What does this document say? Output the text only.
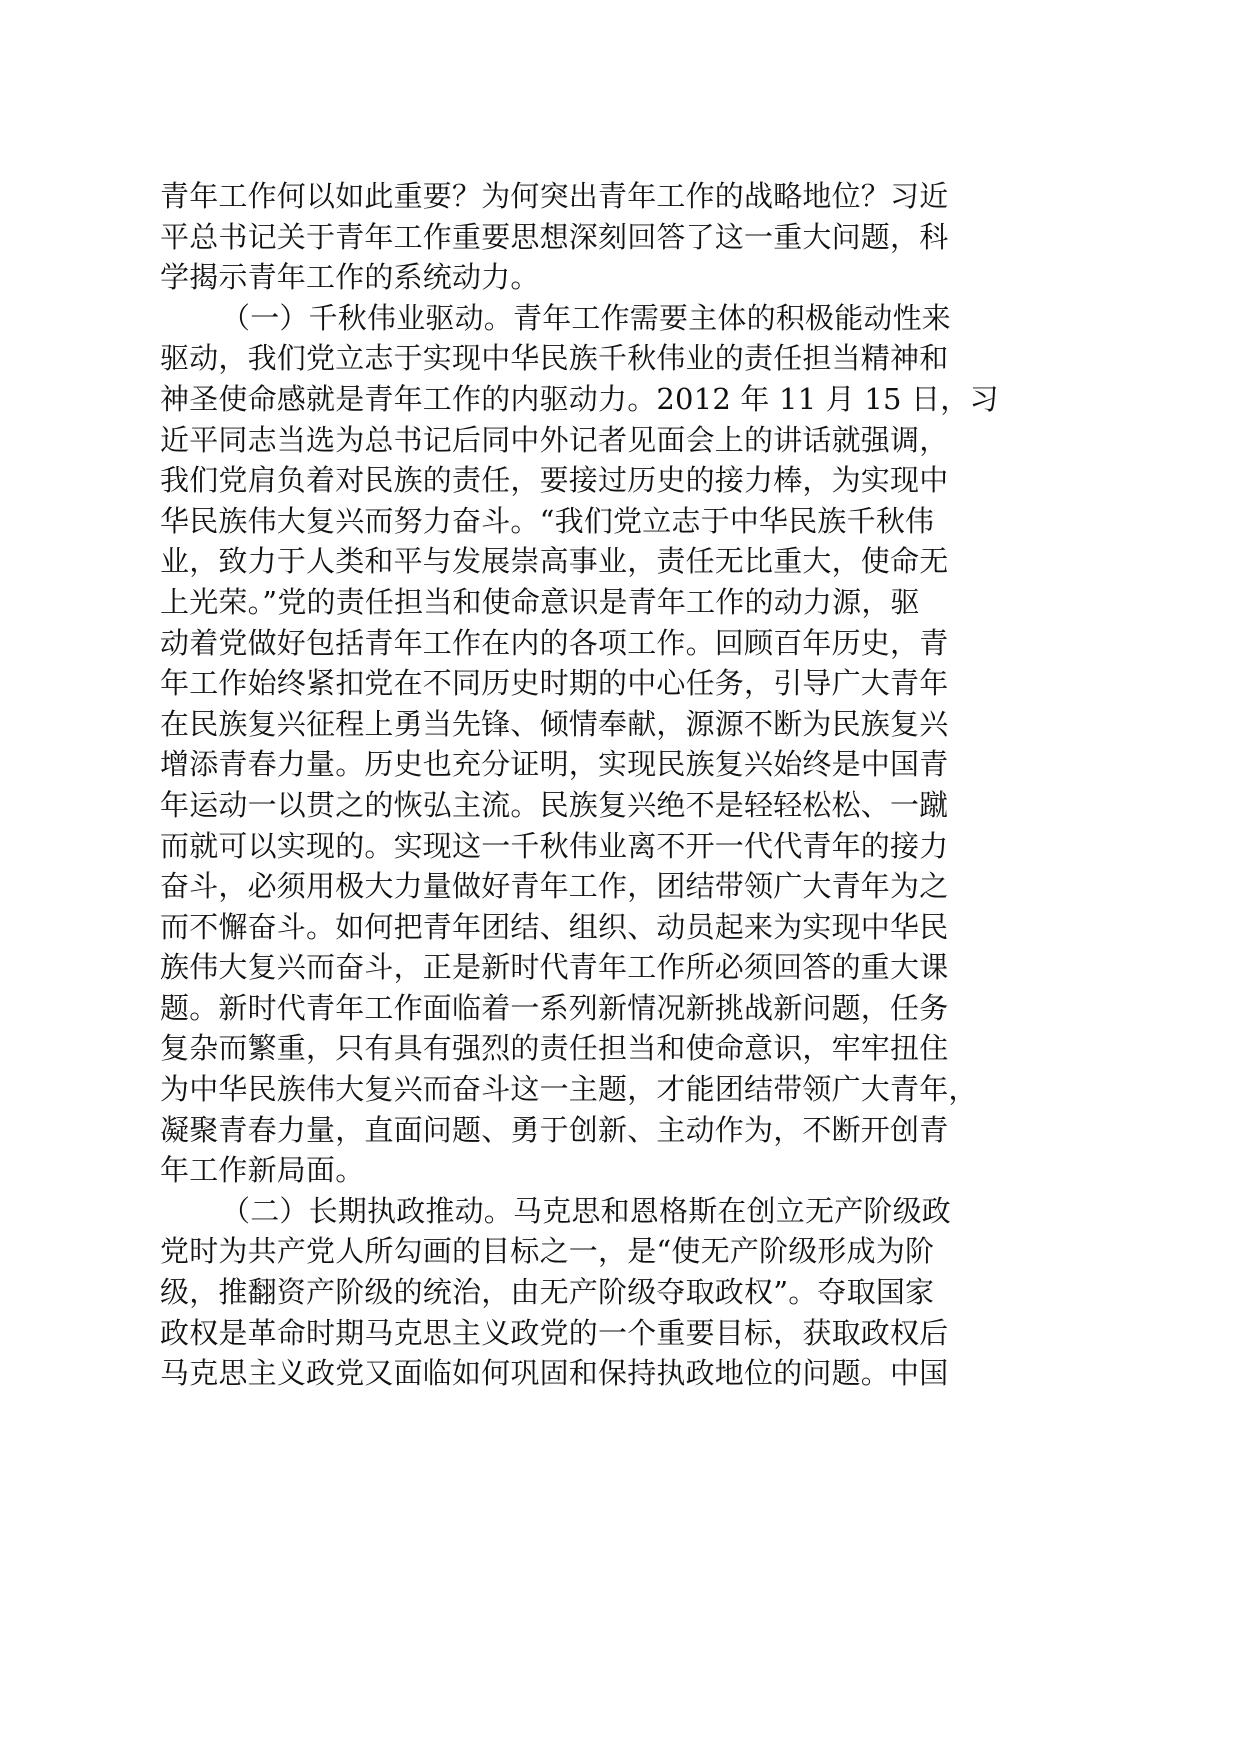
青年工作何以如此重要？为何突出青年工作的战略地位？习近
平总书记关于青年工作重要思想深刻回答了这一重大问题，科
学揭示青年工作的系统动力。
（一）千秋伟业驱动。青年工作需要主体的积极能动性来
驱动，我们党立志于实现中华民族千秋伟业的责任担当精神和
神圣使命感就是青年工作的内驱动力。2012 年 11 月 15 日，习
近平同志当选为总书记后同中外记者见面会上的讲话就强调，
我们党肩负着对民族的责任，要接过历史的接力棒，为实现中
华民族伟大复兴而努力奋斗。“我们党立志于中华民族千秋伟
业，致力于人类和平与发展崇高事业，责任无比重大，使命无
上光荣。”党的责任担当和使命意识是青年工作的动力源，驱
动着党做好包括青年工作在内的各项工作。回顾百年历史，青
年工作始终紧扣党在不同历史时期的中心任务，引导广大青年
在民族复兴征程上勇当先锋、倾情奉献，源源不断为民族复兴
增添青春力量。历史也充分证明，实现民族复兴始终是中国青
年运动一以贯之的恢弘主流。民族复兴绝不是轻轻松松、一蹴
而就可以实现的。实现这一千秋伟业离不开一代代青年的接力
奋斗，必须用极大力量做好青年工作，团结带领广大青年为之
而不懈奋斗。如何把青年团结、组织、动员起来为实现中华民
族伟大复兴而奋斗，正是新时代青年工作所必须回答的重大课
题。新时代青年工作面临着一系列新情况新挑战新问题，任务
复杂而繁重，只有具有强烈的责任担当和使命意识，牢牢扭住
为中华民族伟大复兴而奋斗这一主题，才能团结带领广大青年，
凝聚青春力量，直面问题、勇于创新、主动作为，不断开创青
年工作新局面。
（二）长期执政推动。马克思和恩格斯在创立无产阶级政
党时为共产党人所勾画的目标之一，是“使无产阶级形成为阶
级，推翻资产阶级的统治，由无产阶级夺取政权”。夺取国家
政权是革命时期马克思主义政党的一个重要目标，获取政权后
马克思主义政党又面临如何巩固和保持执政地位的问题。中国
